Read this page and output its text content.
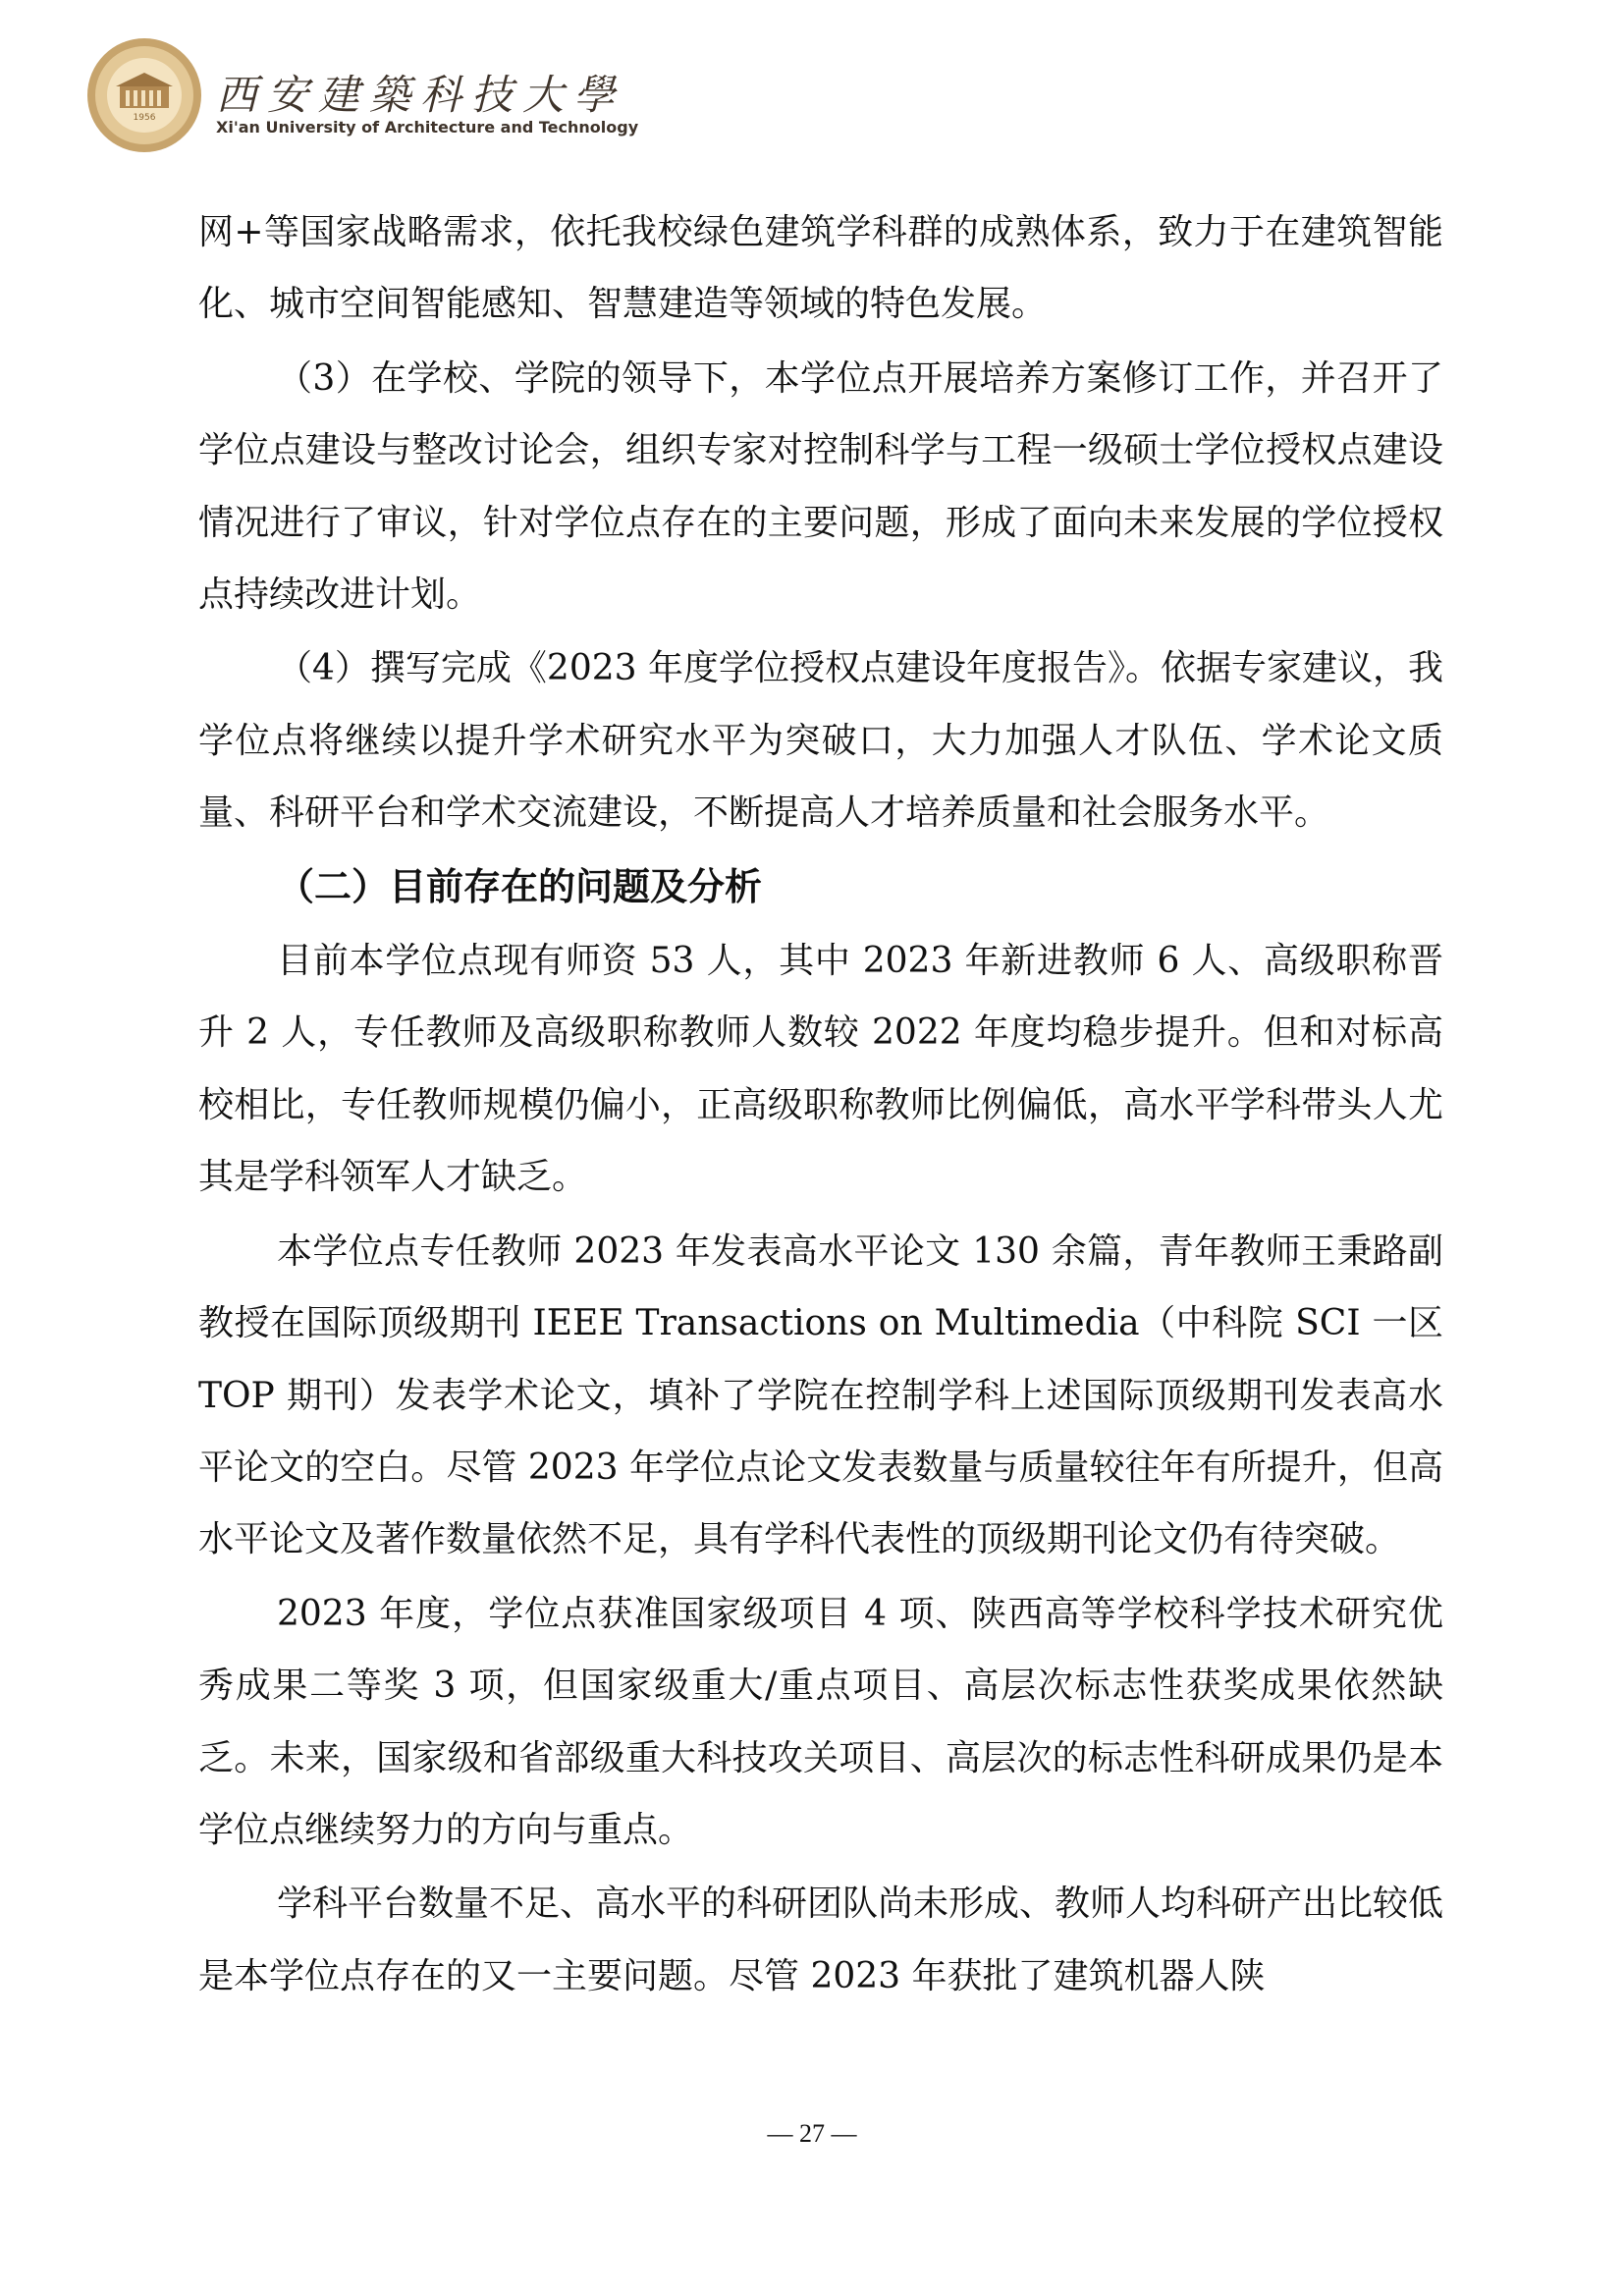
1956 西安建築科技大學
Xi'an University of Architecture and Technology

网+等国家战略需求，依托我校绿色建筑学科群的成熟体系，致力于在建筑智能化、城市空间智能感知、智慧建造等领域的特色发展。

（3）在学校、学院的领导下，本学位点开展培养方案修订工作，并召开了学位点建设与整改讨论会，组织专家对控制科学与工程一级硕士学位授权点建设情况进行了审议，针对学位点存在的主要问题，形成了面向未来发展的学位授权点持续改进计划。

（4）撰写完成《2023 年度学位授权点建设年度报告》。依据专家建议，我学位点将继续以提升学术研究水平为突破口，大力加强人才队伍、学术论文质量、科研平台和学术交流建设，不断提高人才培养质量和社会服务水平。

（二）目前存在的问题及分析

目前本学位点现有师资 53 人，其中 2023 年新进教师 6 人、高级职称晋升 2 人，专任教师及高级职称教师人数较 2022 年度均稳步提升。但和对标高校相比，专任教师规模仍偏小，正高级职称教师比例偏低，高水平学科带头人尤其是学科领军人才缺乏。

本学位点专任教师 2023 年发表高水平论文 130 余篇，青年教师王秉路副教授在国际顶级期刊 IEEE Transactions on Multimedia（中科院 SCI 一区 TOP 期刊）发表学术论文，填补了学院在控制学科上述国际顶级期刊发表高水平论文的空白。尽管 2023 年学位点论文发表数量与质量较往年有所提升，但高水平论文及著作数量依然不足，具有学科代表性的顶级期刊论文仍有待突破。

2023 年度，学位点获准国家级项目 4 项、陕西高等学校科学技术研究优秀成果二等奖 3 项，但国家级重大/重点项目、高层次标志性获奖成果依然缺乏。未来，国家级和省部级重大科技攻关项目、高层次的标志性科研成果仍是本学位点继续努力的方向与重点。

学科平台数量不足、高水平的科研团队尚未形成、教师人均科研产出比较低是本学位点存在的又一主要问题。尽管 2023 年获批了建筑机器人陕

— 27 —
